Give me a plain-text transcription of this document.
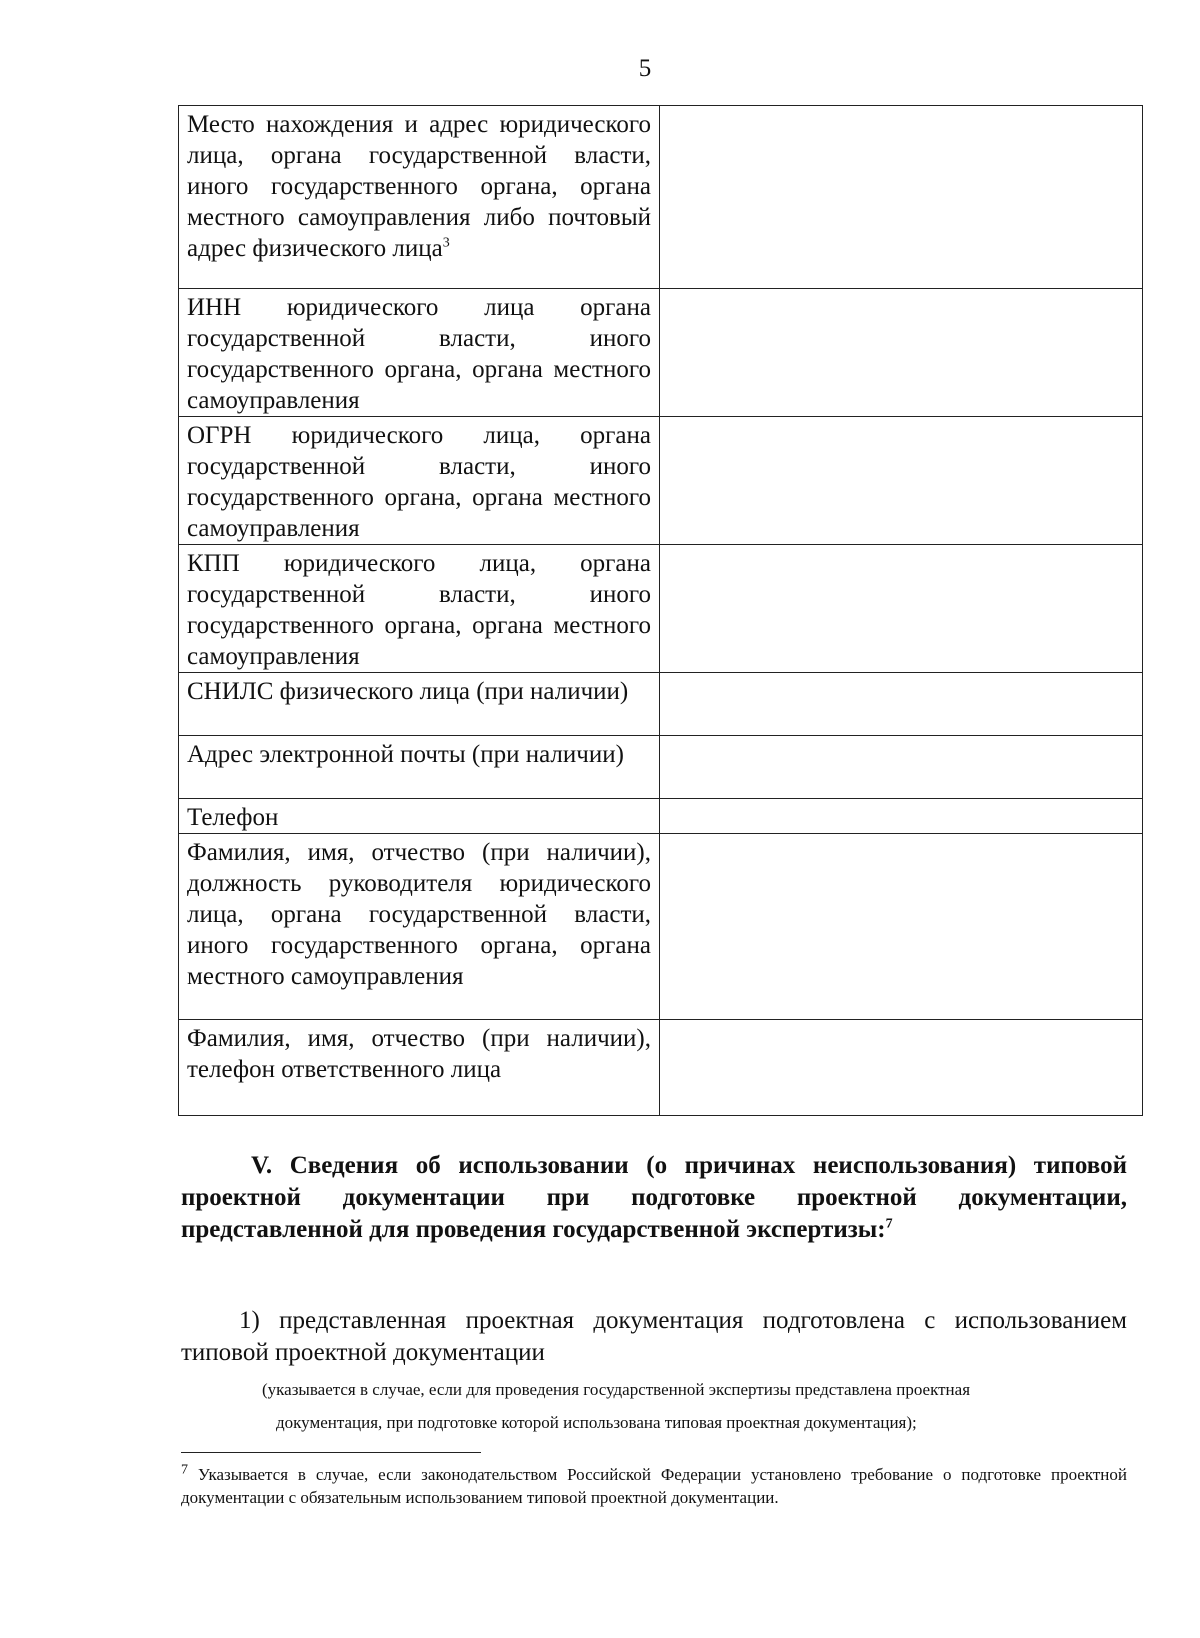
5
Место нахождения и адрес юридического лица, органа государственной власти, иного государственного органа, органа местного самоуправления либо почтовый адрес физического лица$^3$	
ИНН юридического лица органа государственной власти, иного государственного органа, органа местного самоуправления	
ОГРН юридического лица, органа государственной власти, иного государственного органа, органа местного самоуправления	
КПП юридического лица, органа государственной власти, иного государственного органа, органа местного самоуправления	
СНИЛС физического лица (при наличии)	
Адрес электронной почты (при наличии)	
Телефон	
Фамилия, имя, отчество (при наличии), должность руководителя юридического лица, органа государственной власти, иного государственного органа, органа местного самоуправления	
Фамилия, имя, отчество (при наличии), телефон ответственного лица	
V. Сведения об использовании (о причинах неиспользования) типовой проектной документации при подготовке проектной документации, представленной для проведения государственной экспертизы:$^7$
1) представленная проектная документация подготовлена с использованием типовой проектной документации
(указывается в случае, если для проведения государственной экспертизы представлена проектная
документация, при подготовке которой использована типовая проектная документация);
$^7$ Указывается в случае, если законодательством Российской Федерации установлено требование о подготовке проектной документации с обязательным использованием типовой проектной документации.
